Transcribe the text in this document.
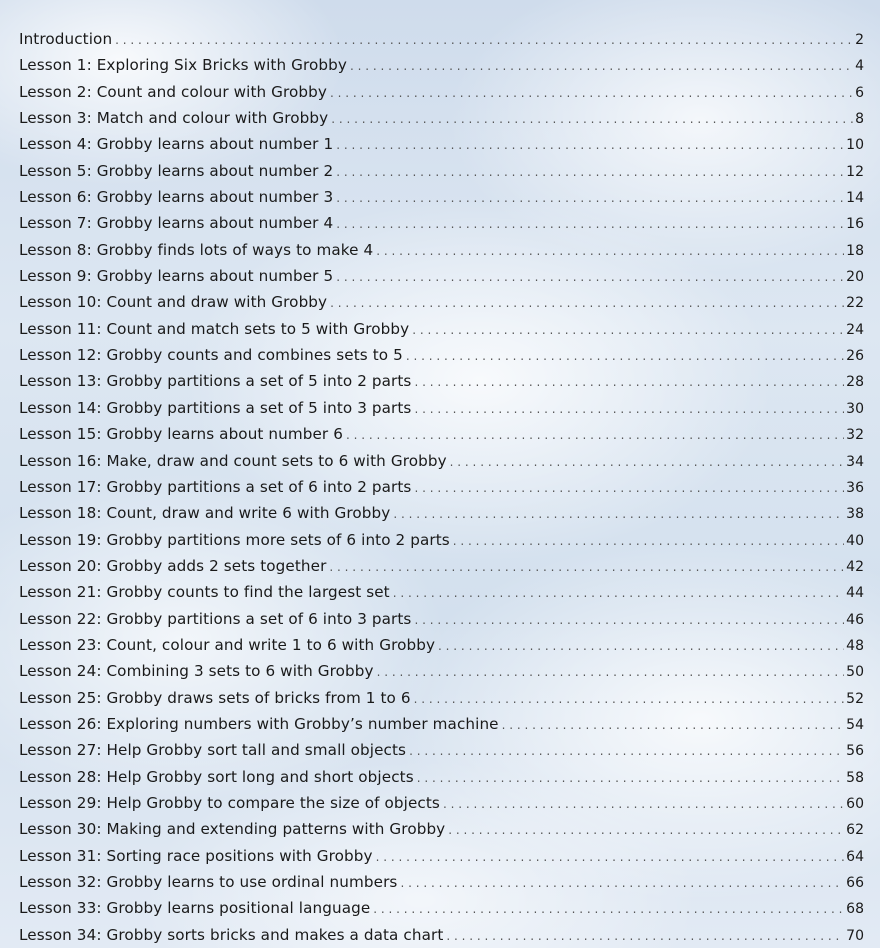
Introduction . . .	2
Lesson 1: Exploring Six Bricks with Grobby . . .	4
Lesson 2: Count and colour with Grobby . . .	6
Lesson 3: Match and colour with Grobby . . .	8
Lesson 4: Grobby learns about number 1 . . .	10
Lesson 5: Grobby learns about number 2 . . .	12
Lesson 6: Grobby learns about number 3 . . .	14
Lesson 7: Grobby learns about number 4 . . .	16
Lesson 8: Grobby finds lots of ways to make 4 . . .	18
Lesson 9: Grobby learns about number 5 . . .	20
Lesson 10: Count and draw with Grobby . . .	22
Lesson 11: Count and match sets to 5 with Grobby . . .	24
Lesson 12: Grobby counts and combines sets to 5 . . .	26
Lesson 13: Grobby partitions a set of 5 into 2 parts . . .	28
Lesson 14: Grobby partitions a set of 5 into 3 parts . . .	30
Lesson 15: Grobby learns about number 6 . . .	32
Lesson 16: Make, draw and count sets to 6 with Grobby . . .	34
Lesson 17: Grobby partitions a set of 6 into 2 parts . . .	36
Lesson 18: Count, draw and write 6 with Grobby . . .	38
Lesson 19: Grobby partitions more sets of 6 into 2 parts . . .	40
Lesson 20: Grobby adds 2 sets together . . .	42
Lesson 21: Grobby counts to find the largest set . . .	44
Lesson 22: Grobby partitions a set of 6 into 3 parts . . .	46
Lesson 23: Count, colour and write 1 to 6 with Grobby . . .	48
Lesson 24: Combining 3 sets to 6 with Grobby . . .	50
Lesson 25: Grobby draws sets of bricks from 1 to 6 . . .	52
Lesson 26: Exploring numbers with Grobby’s number machine . . .	54
Lesson 27: Help Grobby sort tall and small objects . . .	56
Lesson 28: Help Grobby sort long and short objects . . .	58
Lesson 29: Help Grobby to compare the size of objects . . .	60
Lesson 30: Making and extending patterns with Grobby . . .	62
Lesson 31: Sorting race positions with Grobby . . .	64
Lesson 32: Grobby learns to use ordinal numbers . . .	66
Lesson 33: Grobby learns positional language . . .	68
Lesson 34: Grobby sorts bricks and makes a data chart . . .	70
